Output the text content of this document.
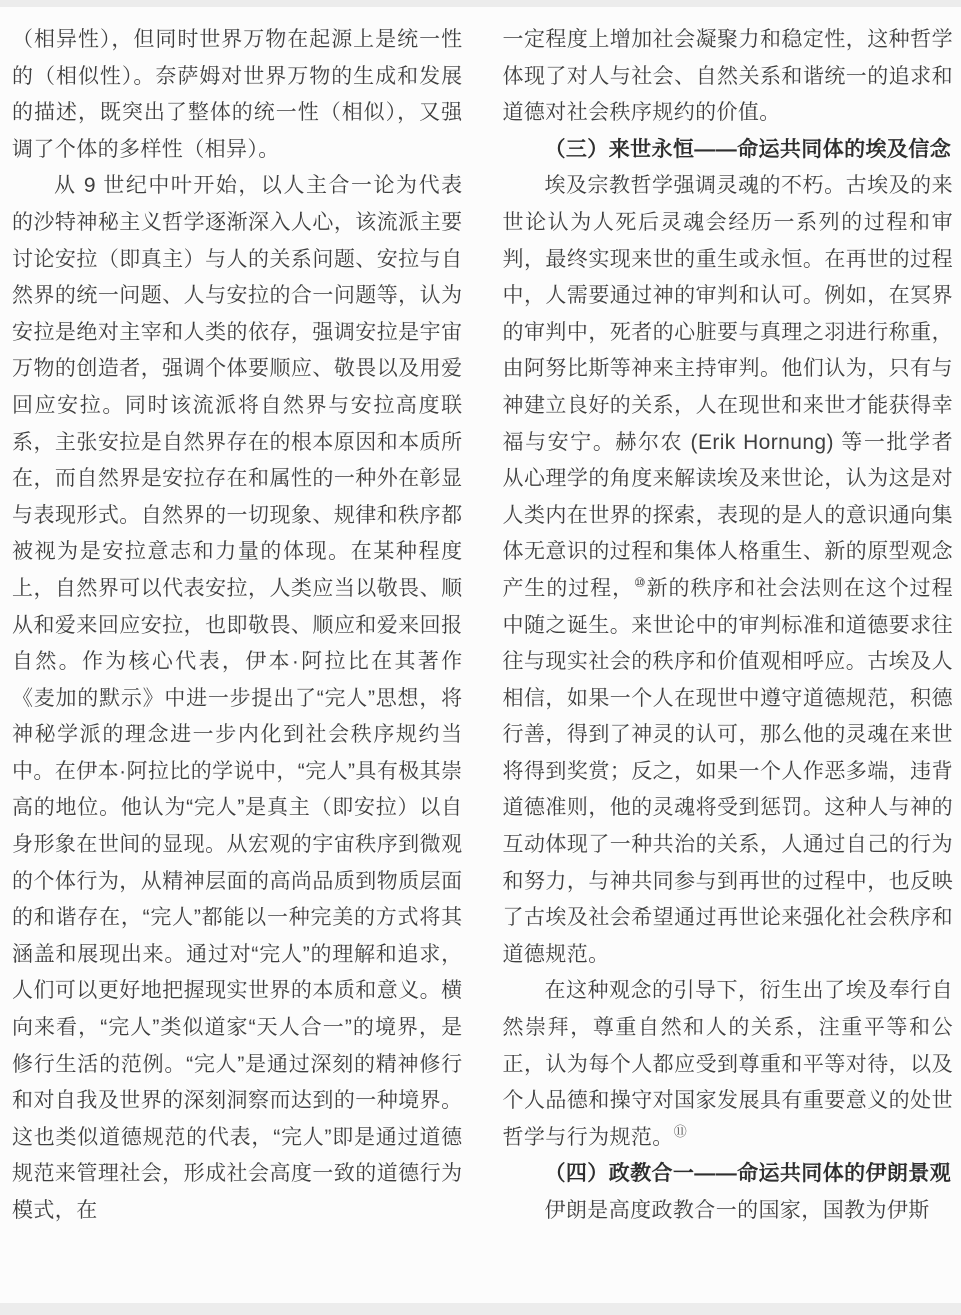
（相异性），但同时世界万物在起源上是统一性的（相似性）。奈萨姆对世界万物的生成和发展的描述，既突出了整体的统一性（相似），又强调了个体的多样性（相异）。

从 9 世纪中叶开始，以人主合一论为代表的沙特神秘主义哲学逐渐深入人心，该流派主要讨论安拉（即真主）与人的关系问题、安拉与自然界的统一问题、人与安拉的合一问题等，认为安拉是绝对主宰和人类的依存，强调安拉是宇宙万物的创造者，强调个体要顺应、敬畏以及用爱回应安拉。同时该流派将自然界与安拉高度联系，主张安拉是自然界存在的根本原因和本质所在，而自然界是安拉存在和属性的一种外在彰显与表现形式。自然界的一切现象、规律和秩序都被视为是安拉意志和力量的体现。在某种程度上，自然界可以代表安拉，人类应当以敬畏、顺从和爱来回应安拉，也即敬畏、顺应和爱来回报自然。作为核心代表，伊本·阿拉比在其著作《麦加的默示》中进一步提出了“完人”思想，将神秘学派的理念进一步内化到社会秩序规约当中。在伊本·阿拉比的学说中，“完人”具有极其崇高的地位。他认为“完人”是真主（即安拉）以自身形象在世间的显现。从宏观的宇宙秩序到微观的个体行为，从精神层面的高尚品质到物质层面的和谐存在，“完人”都能以一种完美的方式将其涵盖和展现出来。通过对“完人”的理解和追求，人们可以更好地把握现实世界的本质和意义。横向来看，“完人”类似道家“天人合一”的境界，是修行生活的范例。“完人”是通过深刻的精神修行和对自我及世界的深刻洞察而达到的一种境界。这也类似道德规范的代表，“完人”即是通过道德规范来管理社会，形成社会高度一致的道德行为模式，在

一定程度上增加社会凝聚力和稳定性，这种哲学体现了对人与社会、自然关系和谐统一的追求和道德对社会秩序规约的价值。

（三）来世永恒——命运共同体的埃及信念

埃及宗教哲学强调灵魂的不朽。古埃及的来世论认为人死后灵魂会经历一系列的过程和审判，最终实现来世的重生或永恒。在再世的过程中，人需要通过神的审判和认可。例如，在冥界的审判中，死者的心脏要与真理之羽进行称重，由阿努比斯等神来主持审判。他们认为，只有与神建立良好的关系，人在现世和来世才能获得幸福与安宁。赫尔农 (Erik Hornung) 等一批学者从心理学的角度来解读埃及来世论，认为这是对人类内在世界的探索，表现的是人的意识通向集体无意识的过程和集体人格重生、新的原型观念产生的过程，⑩新的秩序和社会法则在这个过程中随之诞生。来世论中的审判标准和道德要求往往与现实社会的秩序和价值观相呼应。古埃及人相信，如果一个人在现世中遵守道德规范，积德行善，得到了神灵的认可，那么他的灵魂在来世将得到奖赏；反之，如果一个人作恶多端，违背道德准则，他的灵魂将受到惩罚。这种人与神的互动体现了一种共治的关系，人通过自己的行为和努力，与神共同参与到再世的过程中，也反映了古埃及社会希望通过再世论来强化社会秩序和道德规范。

在这种观念的引导下，衍生出了埃及奉行自然崇拜，尊重自然和人的关系，注重平等和公正，认为每个人都应受到尊重和平等对待，以及个人品德和操守对国家发展具有重要意义的处世哲学与行为规范。⑪

（四）政教合一——命运共同体的伊朗景观

伊朗是高度政教合一的国家，国教为伊斯
